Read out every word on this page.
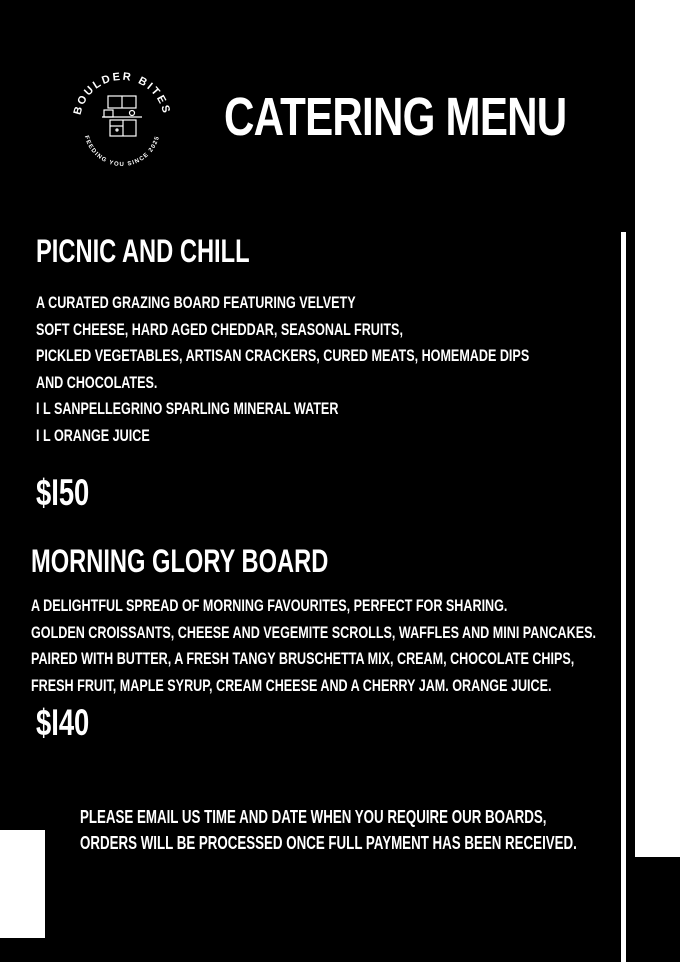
BOULDER BITES
FEEDING YOU SINCE 2025 CATERING MENU
PICNIC AND CHILL
A CURATED GRAZING BOARD FEATURING VELVETY
SOFT CHEESE, HARD AGED CHEDDAR, SEASONAL FRUITS,
PICKLED VEGETABLES, ARTISAN CRACKERS, CURED MEATS, HOMEMADE DIPS
AND CHOCOLATES.
I L SANPELLEGRINO SPARLING MINERAL WATER
I L ORANGE JUICE
$I50
MORNING GLORY BOARD
A DELIGHTFUL SPREAD OF MORNING FAVOURITES, PERFECT FOR SHARING.
GOLDEN CROISSANTS, CHEESE AND VEGEMITE SCROLLS, WAFFLES AND MINI PANCAKES.
PAIRED WITH BUTTER, A FRESH TANGY BRUSCHETTA MIX, CREAM, CHOCOLATE CHIPS,
FRESH FRUIT, MAPLE SYRUP, CREAM CHEESE AND A CHERRY JAM. ORANGE JUICE.
$I40
PLEASE EMAIL US TIME AND DATE WHEN YOU REQUIRE OUR BOARDS,
ORDERS WILL BE PROCESSED ONCE FULL PAYMENT HAS BEEN RECEIVED.
